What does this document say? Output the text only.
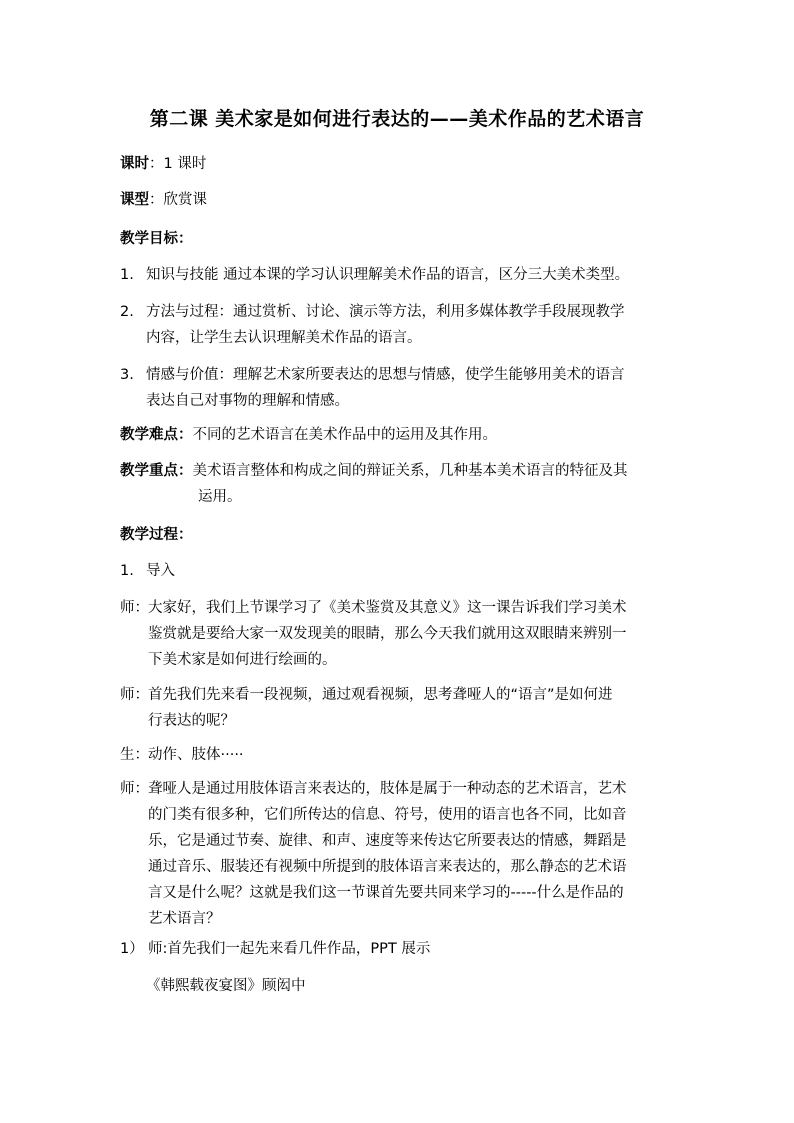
第二课 美术家是如何进行表达的——美术作品的艺术语言
课时：1 课时
课型：欣赏课
教学目标：
1. 知识与技能 通过本课的学习认识理解美术作品的语言，区分三大美术类型。
2. 方法与过程：通过赏析、讨论、演示等方法，利用多媒体教学手段展现教学
内容，让学生去认识理解美术作品的语言。
3. 情感与价值：理解艺术家所要表达的思想与情感，使学生能够用美术的语言
表达自己对事物的理解和情感。
教学难点：不同的艺术语言在美术作品中的运用及其作用。
教学重点：美术语言整体和构成之间的辩证关系，几种基本美术语言的特征及其
运用。
教学过程：
1. 导入
师： 大家好，我们上节课学习了《美术鉴赏及其意义》这一课告诉我们学习美术
鉴赏就是要给大家一双发现美的眼睛，那么今天我们就用这双眼睛来辨别一
下美术家是如何进行绘画的。
师： 首先我们先来看一段视频，通过观看视频，思考聋哑人的“语言”是如何进
行表达的呢？
生： 动作、肢体·····
师： 聋哑人是通过用肢体语言来表达的，肢体是属于一种动态的艺术语言，艺术
的门类有很多种，它们所传达的信息、符号，使用的语言也各不同，比如音
乐，它是通过节奏、旋律、和声、速度等来传达它所要表达的情感，舞蹈是
通过音乐、服装还有视频中所提到的肢体语言来表达的，那么静态的艺术语
言又是什么呢？这就是我们这一节课首先要共同来学习的-----什么是作品的
艺术语言？
1） 师:首先我们一起先来看几件作品，PPT 展示
《韩熙载夜宴图》顾闳中
